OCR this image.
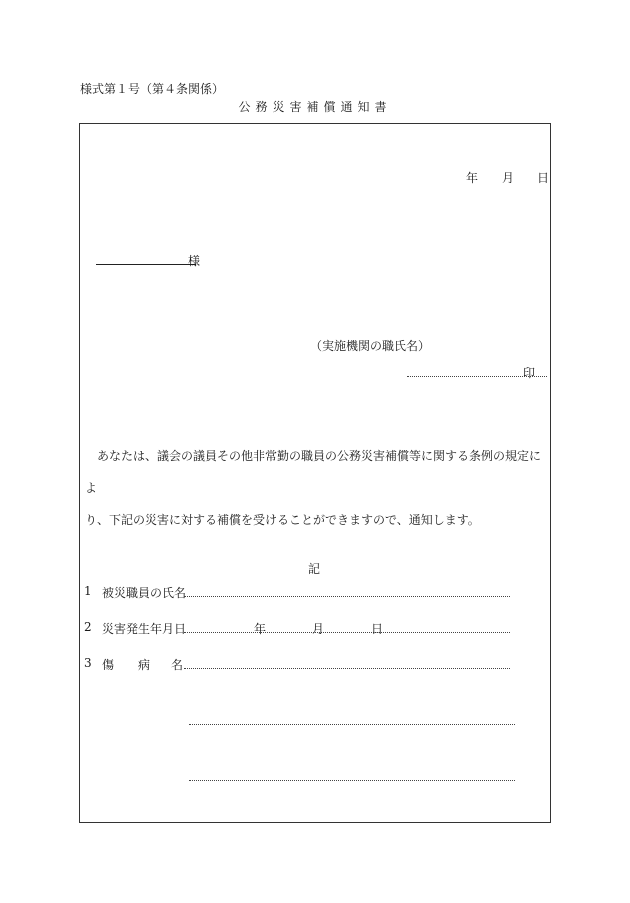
様式第１号（第４条関係）
公務災害補償通知書
年 月 日
様
（実施機関の職氏名）
印
あなたは、議会の議員その他非常勤の職員の公務災害補償等に関する条例の規定によ
り、下記の災害に対する補償を受けることができますので、通知します。
記
1 被災職員の氏名
2 災害発生年月日	年	月	日
3 傷 病 名
